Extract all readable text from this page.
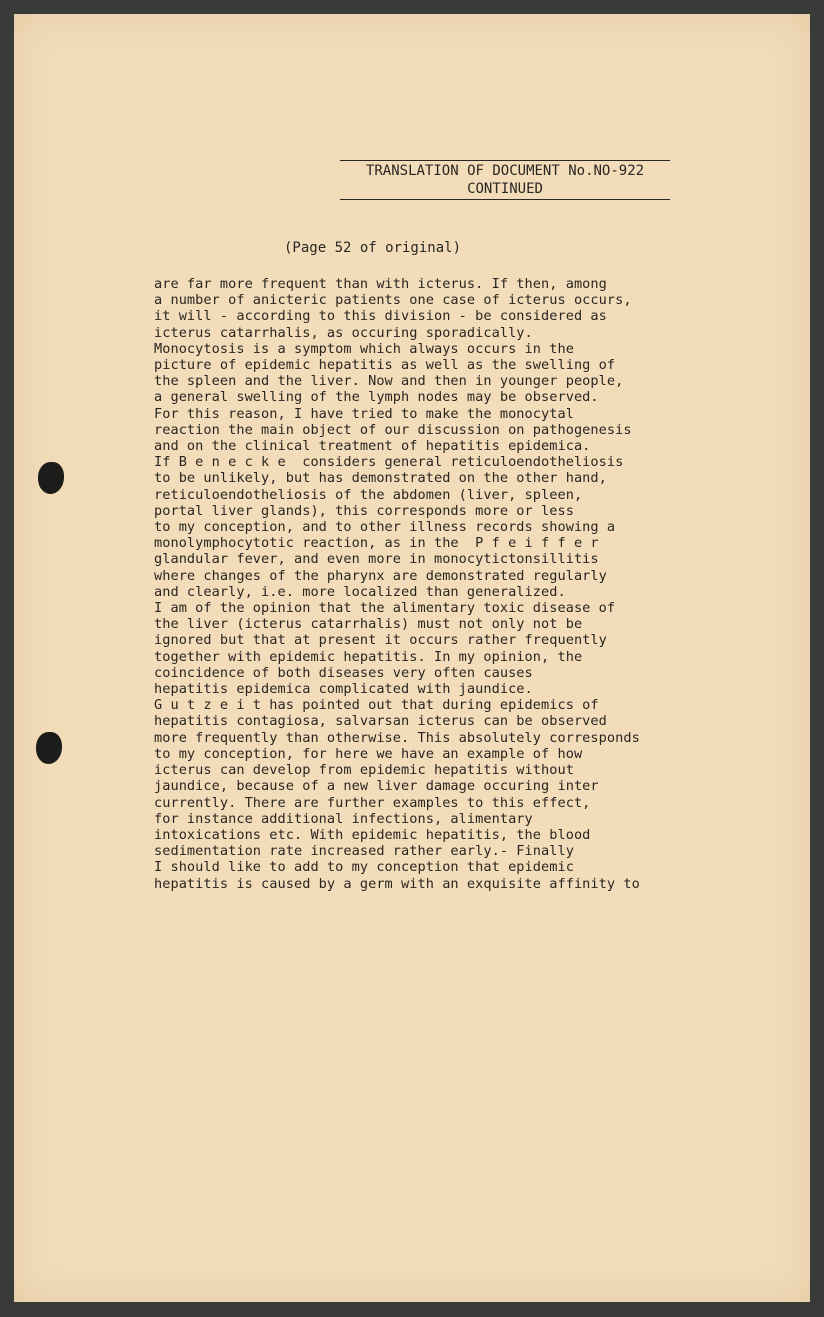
TRANSLATION OF DOCUMENT No.NO-922
CONTINUED
(Page 52 of original)
are far more frequent than with icterus. If then, among
a number of anicteric patients one case of icterus occurs,
it will - according to this division - be considered as
icterus catarrhalis, as occuring sporadically.
Monocytosis is a symptom which always occurs in the
picture of epidemic hepatitis as well as the swelling of
the spleen and the liver. Now and then in younger people,
a general swelling of the lymph nodes may be observed.
For this reason, I have tried to make the monocytal
reaction the main object of our discussion on pathogenesis
and on the clinical treatment of hepatitis epidemica.
If B e n e c k e  considers general reticuloendotheliosis
to be unlikely, but has demonstrated on the other hand,
reticuloendotheliosis of the abdomen (liver, spleen,
portal liver glands), this corresponds more or less
to my conception, and to other illness records showing a
monolymphocytotic reaction, as in the  P f e i f f e r
glandular fever, and even more in monocytictonsillitis
where changes of the pharynx are demonstrated regularly
and clearly, i.e. more localized than generalized.
I am of the opinion that the alimentary toxic disease of
the liver (icterus catarrhalis) must not only not be
ignored but that at present it occurs rather frequently
together with epidemic hepatitis. In my opinion, the
coincidence of both diseases very often causes
hepatitis epidemica complicated with jaundice.
G u t z e i t has pointed out that during epidemics of
hepatitis contagiosa, salvarsan icterus can be observed
more frequently than otherwise. This absolutely corresponds
to my conception, for here we have an example of how
icterus can develop from epidemic hepatitis without
jaundice, because of a new liver damage occuring inter
currently. There are further examples to this effect,
for instance additional infections, alimentary
intoxications etc. With epidemic hepatitis, the blood
sedimentation rate increased rather early.- Finally
I should like to add to my conception that epidemic
hepatitis is caused by a germ with an exquisite affinity to
